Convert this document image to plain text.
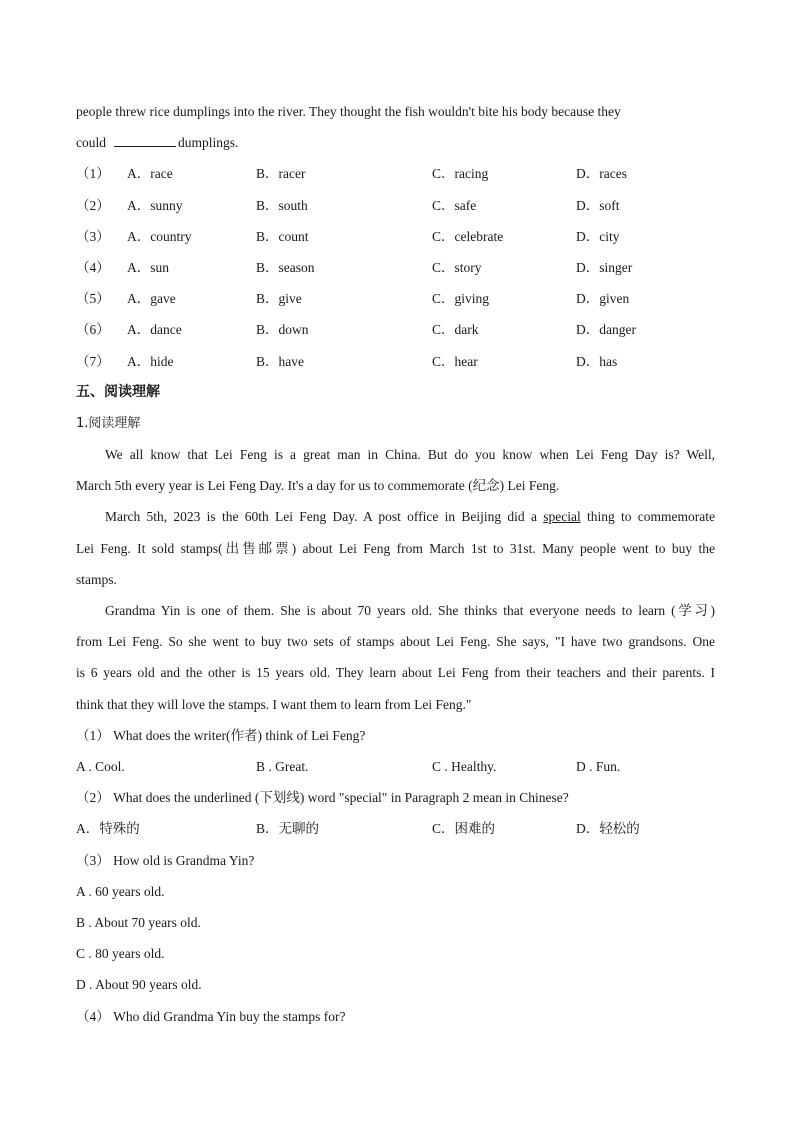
people threw rice dumplings into the river. They thought the fish wouldn't bite his body because they
could	dumplings.
（1） A．race	B．racer	C．racing	D．races
（2） A．sunny	B．south	C．safe	D．soft
（3） A．country	B．count	C．celebrate	D．city
（4） A．sun	B．season	C．story	D．singer
（5） A．gave	B．give	C．giving	D．given
（6） A．dance	B．down	C．dark	D．danger
（7） A．hide	B．have	C．hear	D．has
五、阅读理解
1.阅读理解
We all know that Lei Feng is a great man in China. But do you know when Lei Feng Day is? Well,
March 5th every year is Lei Feng Day. It's a day for us to commemorate (纪念) Lei Feng.
March 5th, 2023 is the 60th Lei Feng Day. A post office in Beijing did a special thing to commemorate
Lei Feng. It sold stamps(出售邮票) about Lei Feng from March 1st to 31st. Many people went to buy the
stamps.
Grandma Yin is one of them. She is about 70 years old. She thinks that everyone needs to learn (学习)
from Lei Feng. So she went to buy two sets of stamps about Lei Feng. She says, "I have two grandsons. One
is 6 years old and the other is 15 years old. They learn about Lei Feng from their teachers and their parents. I
think that they will love the stamps. I want them to learn from Lei Feng."
（1） What does the writer(作者) think of Lei Feng?
A . Cool.	B . Great.	C . Healthy.	D . Fun.
（2） What does the underlined (下划线) word "special" in Paragraph 2 mean in Chinese?
A．特殊的	B．无聊的	C．困难的	D．轻松的
（3） How old is Grandma Yin?
A . 60 years old.
B . About 70 years old.
C . 80 years old.
D . About 90 years old.
（4） Who did Grandma Yin buy the stamps for?
